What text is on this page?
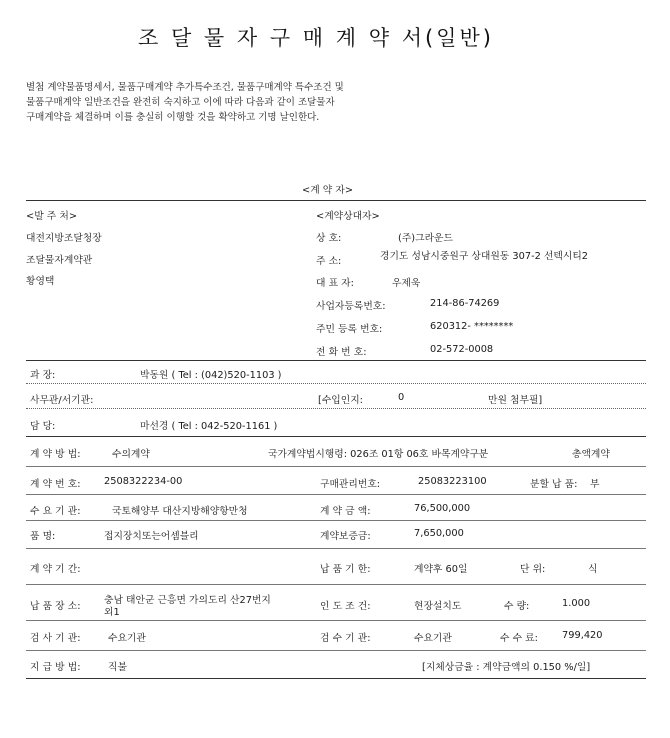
조 달 물 자 구 매 계 약 서(일반)
별첨 계약물품명세서, 물품구매계약 추가특수조건, 물품구매계약 특수조건 및
물품구매계약 일반조건을 완전히 숙지하고 이에 따라 다음과 같이 조달물자
구매계약을 체결하며 이를 충실히 이행할 것을 확약하고 기명 날인한다.
<계 약 자>
<발 주 처>
대전지방조달청장
조달물자계약관
황영택
<계약상대자>
상 호:	(주)그라운드
주 소:	경기도 성남시중원구 상대원동 307-2 선텍시티2
대 표 자:	우제욱
사업자등록번호:	214-86-74269
주민 등록 번호:	620312- ********
전 화 번 호:	02-572-0008
과 장:	박동원 ( Tel : (042)520-1103 )
사무관/서기관:	[수입인지:	0	만원 첨부필]
담 당:	마선경 ( Tel : 042-520-1161 )
계 약 방 법:	수의계약	국가계약법시행령: 026조 01항 06호 바목계약구분	총액계약
계 약 번 호: 2508322234-00	구매관리번호:	25083223100	분할 납 품: 부
수 요 기 관:	국토해양부 대산지방해양항만청	계 약 금 액:	76,500,000
품 명:	접지장치또는어셈블리	계약보증금:	7,650,000
계 약 기 간:	납 품 기 한:	계약후 60일	단 위:	식
납 품 장 소:
충남 태안군 근흥면 가의도리 산27번지
외1
인 도 조 건:	현장설치도	수 량:	1.000
검 사 기 관:	수요기관	검 수 기 관:	수요기관	수 수 료: 799,420
지 급 방 법:	직불	[지체상금율 : 계약금액의 0.150 %/일]
